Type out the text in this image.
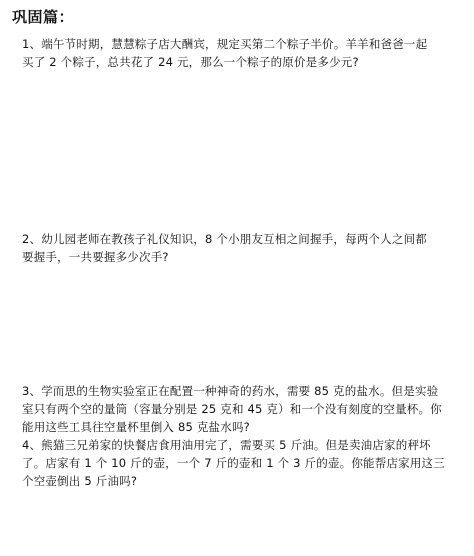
巩固篇：

1、端午节时期，慧慧粽子店大酬宾，规定买第二个粽子半价。羊羊和爸爸一起

买了 2 个粽子，总共花了 24 元，那么一个粽子的原价是多少元?

2、幼儿园老师在教孩子礼仪知识，8 个小朋友互相之间握手，每两个人之间都

要握手，一共要握多少次手?

3、学而思的生物实验室正在配置一种神奇的药水，需要 85 克的盐水。但是实验

室只有两个空的量筒（容量分别是 25 克和 45 克）和一个没有刻度的空量杯。你

能用这些工具往空量杯里倒入 85 克盐水吗?

4、熊猫三兄弟家的快餐店食用油用完了，需要买 5 斤油。但是卖油店家的秤坏

了。店家有 1 个 10 斤的壶，一个 7 斤的壶和 1 个 3 斤的壶。你能帮店家用这三

个空壶倒出 5 斤油吗?
